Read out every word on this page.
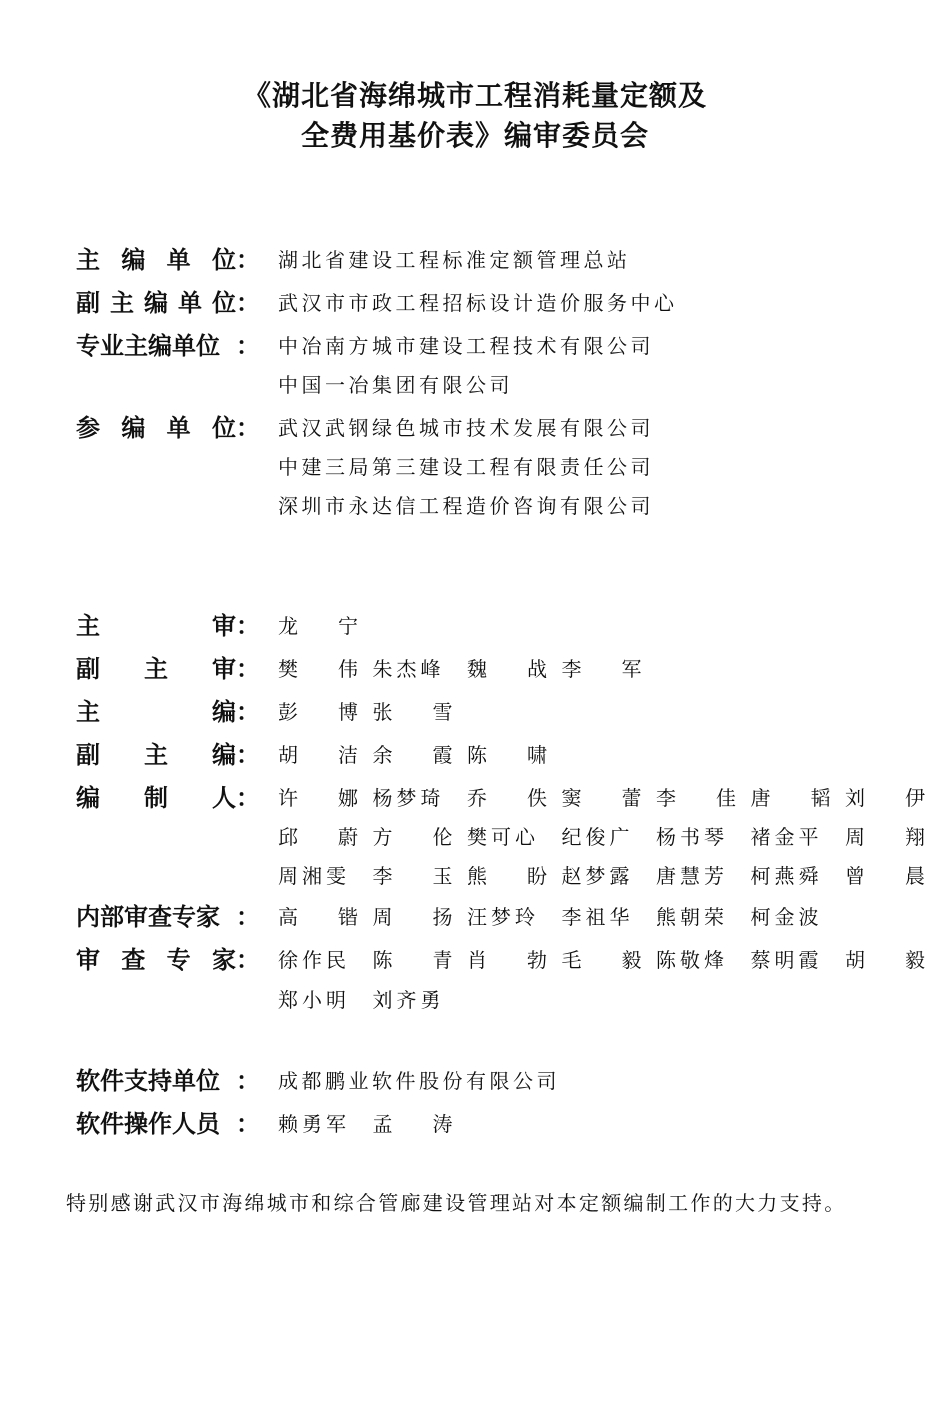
《湖北省海绵城市工程消耗量定额及
全费用基价表》编审委员会
主 编 单 位 ： 湖北省建设工程标准定额管理总站
副 主 编 单 位 ： 武汉市市政工程招标设计造价服务中心
专业主编单位 ： 中冶南方城市建设工程技术有限公司
中国一冶集团有限公司
参 编 单 位 ： 武汉武钢绿色城市技术发展有限公司
中建三局第三建设工程有限责任公司
深圳市永达信工程造价咨询有限公司
主	审 ： 龙 宁
副 主 审 ： 樊 伟 朱 杰 峰 魏 战 李 军
主	编 ： 彭 博 张 雪
副 主 编 ： 胡 洁 余 霞 陈 啸
编 制 人 ： 许 娜 杨 梦 琦 乔 佚 窦 蕾 李 佳 唐 韬 刘 伊
邱 蔚 方 伦 樊 可 心 纪 俊 广 杨 书 琴 褚 金 平 周 翔
周 湘 雯 李 玉 熊 盼 赵 梦 露 唐 慧 芳 柯 燕 舜 曾 晨
内部审查专家 ： 高 锴 周 扬 汪 梦 玲 李 祖 华 熊 朝 荣 柯 金 波
审 查 专 家 ： 徐 作 民 陈 青 肖 勃 毛 毅 陈 敬 烽 蔡 明 霞 胡 毅
郑 小 明 刘 齐 勇
软件支持单位 ： 成都鹏业软件股份有限公司
软件操作人员 ： 赖 勇 军 孟 涛
特别感谢武汉市海绵城市和综合管廊建设管理站对本定额编制工作的大力支持。
